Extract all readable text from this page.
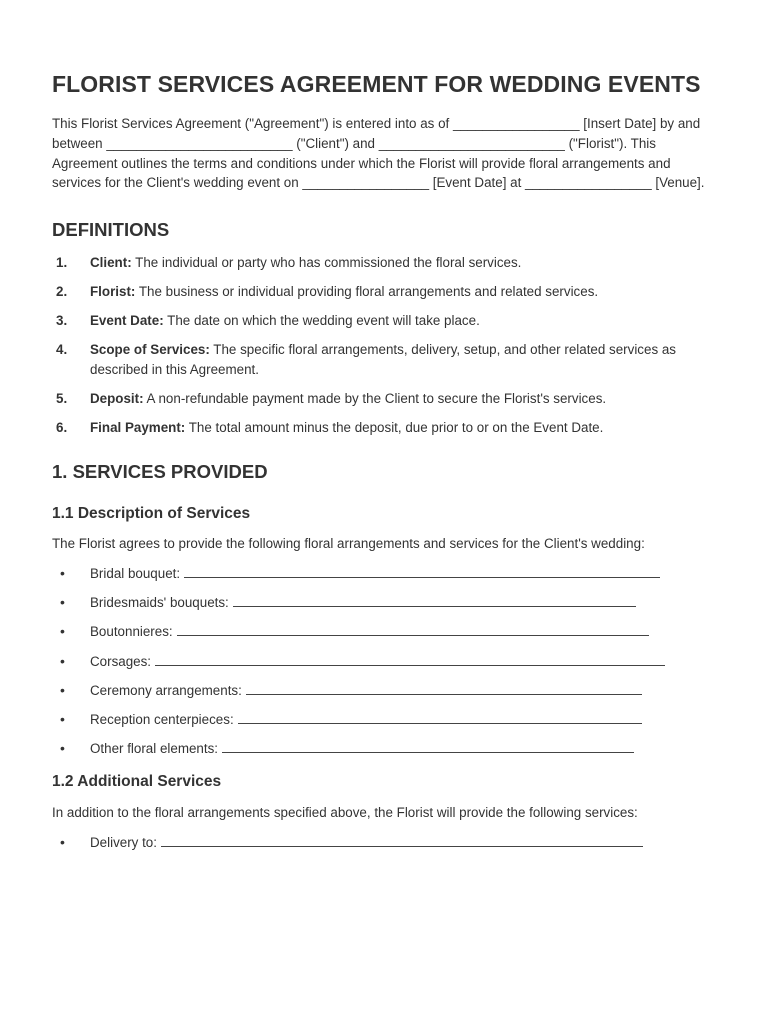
FLORIST SERVICES AGREEMENT FOR WEDDING EVENTS

This Florist Services Agreement ("Agreement") is entered into as of _________________ [Insert Date] by and between _________________________ ("Client") and _________________________ ("Florist"). This Agreement outlines the terms and conditions under which the Florist will provide floral arrangements and services for the Client's wedding event on _________________ [Event Date] at _________________ [Venue].

DEFINITIONS
1.	Client: The individual or party who has commissioned the floral services.
2.	Florist: The business or individual providing floral arrangements and related services.
3.	Event Date: The date on which the wedding event will take place.
4.	Scope of Services: The specific floral arrangements, delivery, setup, and other related services as described in this Agreement.
5.	Deposit: A non-refundable payment made by the Client to secure the Florist's services.
6.	Final Payment: The total amount minus the deposit, due prior to or on the Event Date.
1. SERVICES PROVIDED
1.1 Description of Services

The Florist agrees to provide the following floral arrangements and services for the Client's wedding:

•	Bridal bouquet:
•	Bridesmaids' bouquets:
•	Boutonnieres:
•	Corsages:
•	Ceremony arrangements:
•	Reception centerpieces:
•	Other floral elements:
1.2 Additional Services

In addition to the floral arrangements specified above, the Florist will provide the following services:

•	Delivery to:
